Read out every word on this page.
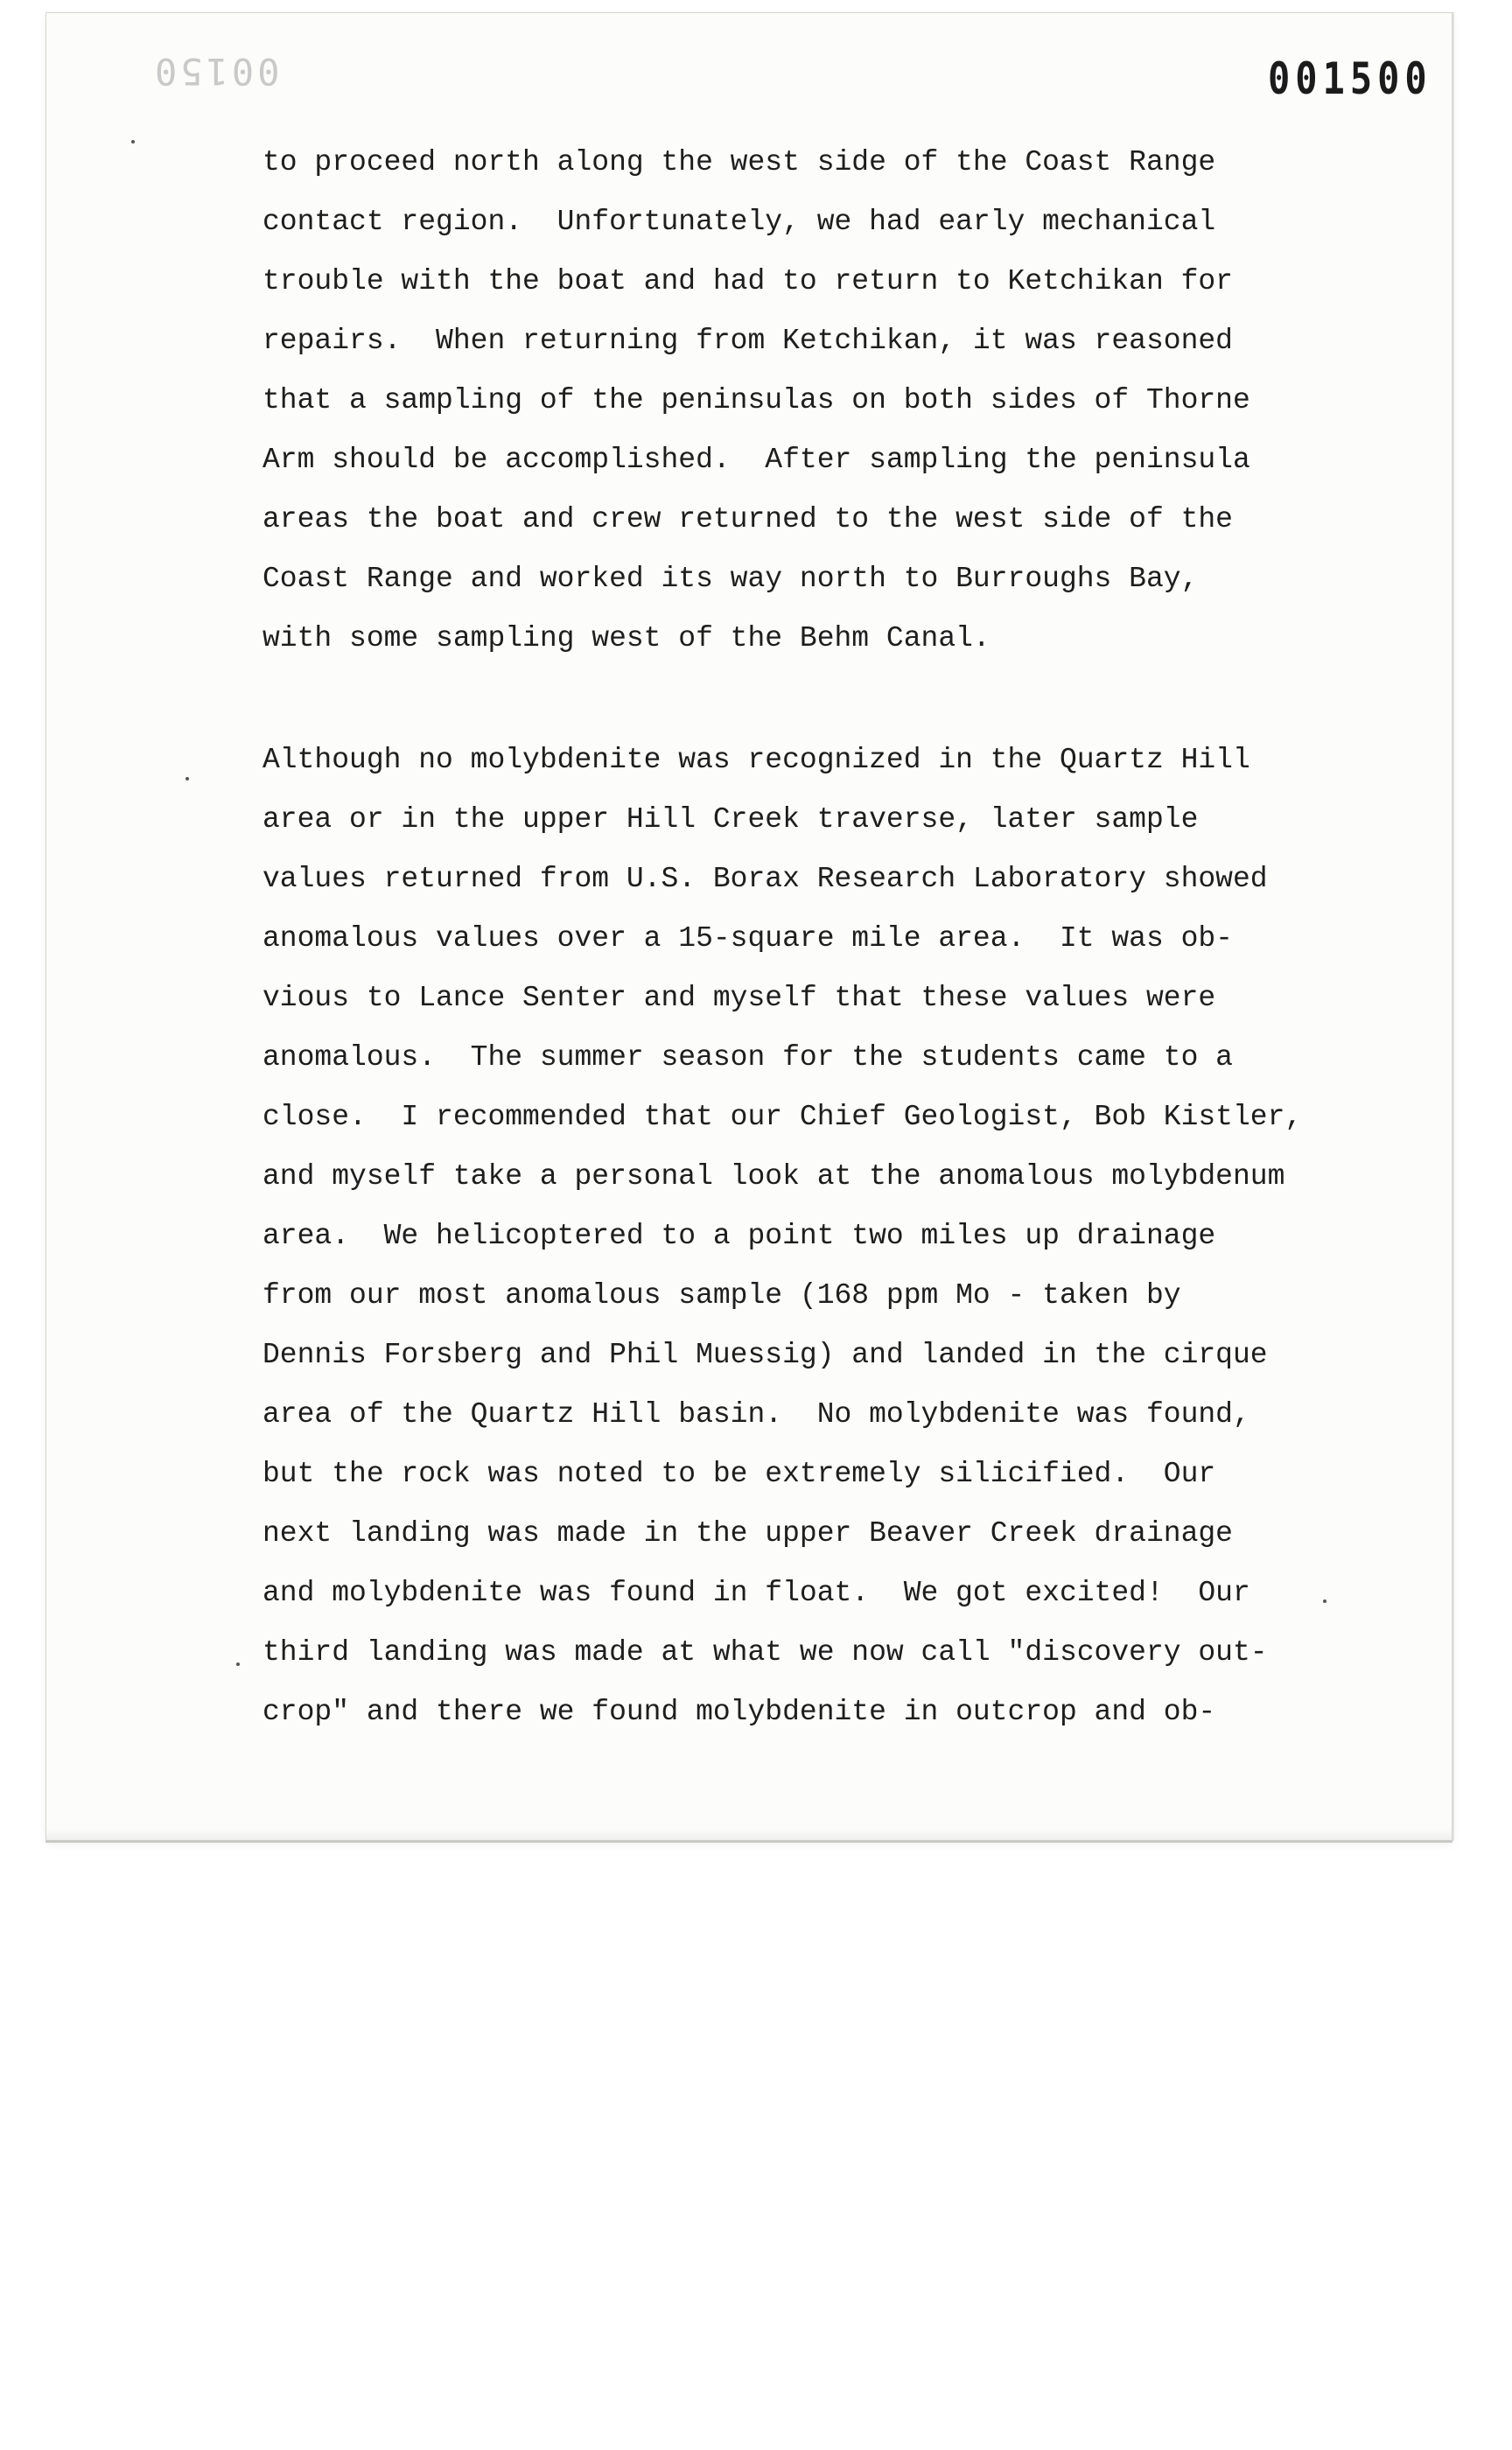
00150	001500
to proceed north along the west side of the Coast Range
contact region.  Unfortunately, we had early mechanical
trouble with the boat and had to return to Ketchikan for
repairs.  When returning from Ketchikan, it was reasoned
that a sampling of the peninsulas on both sides of Thorne
Arm should be accomplished.  After sampling the peninsula
areas the boat and crew returned to the west side of the
Coast Range and worked its way north to Burroughs Bay,
with some sampling west of the Behm Canal.
Although no molybdenite was recognized in the Quartz Hill
area or in the upper Hill Creek traverse, later sample
values returned from U.S. Borax Research Laboratory showed
anomalous values over a 15-square mile area.  It was ob-
vious to Lance Senter and myself that these values were
anomalous.  The summer season for the students came to a
close.  I recommended that our Chief Geologist, Bob Kistler,
and myself take a personal look at the anomalous molybdenum
area.  We helicoptered to a point two miles up drainage
from our most anomalous sample (168 ppm Mo - taken by
Dennis Forsberg and Phil Muessig) and landed in the cirque
area of the Quartz Hill basin.  No molybdenite was found,
but the rock was noted to be extremely silicified.  Our
next landing was made in the upper Beaver Creek drainage
and molybdenite was found in float.  We got excited!  Our
third landing was made at what we now call "discovery out-
crop" and there we found molybdenite in outcrop and ob-
